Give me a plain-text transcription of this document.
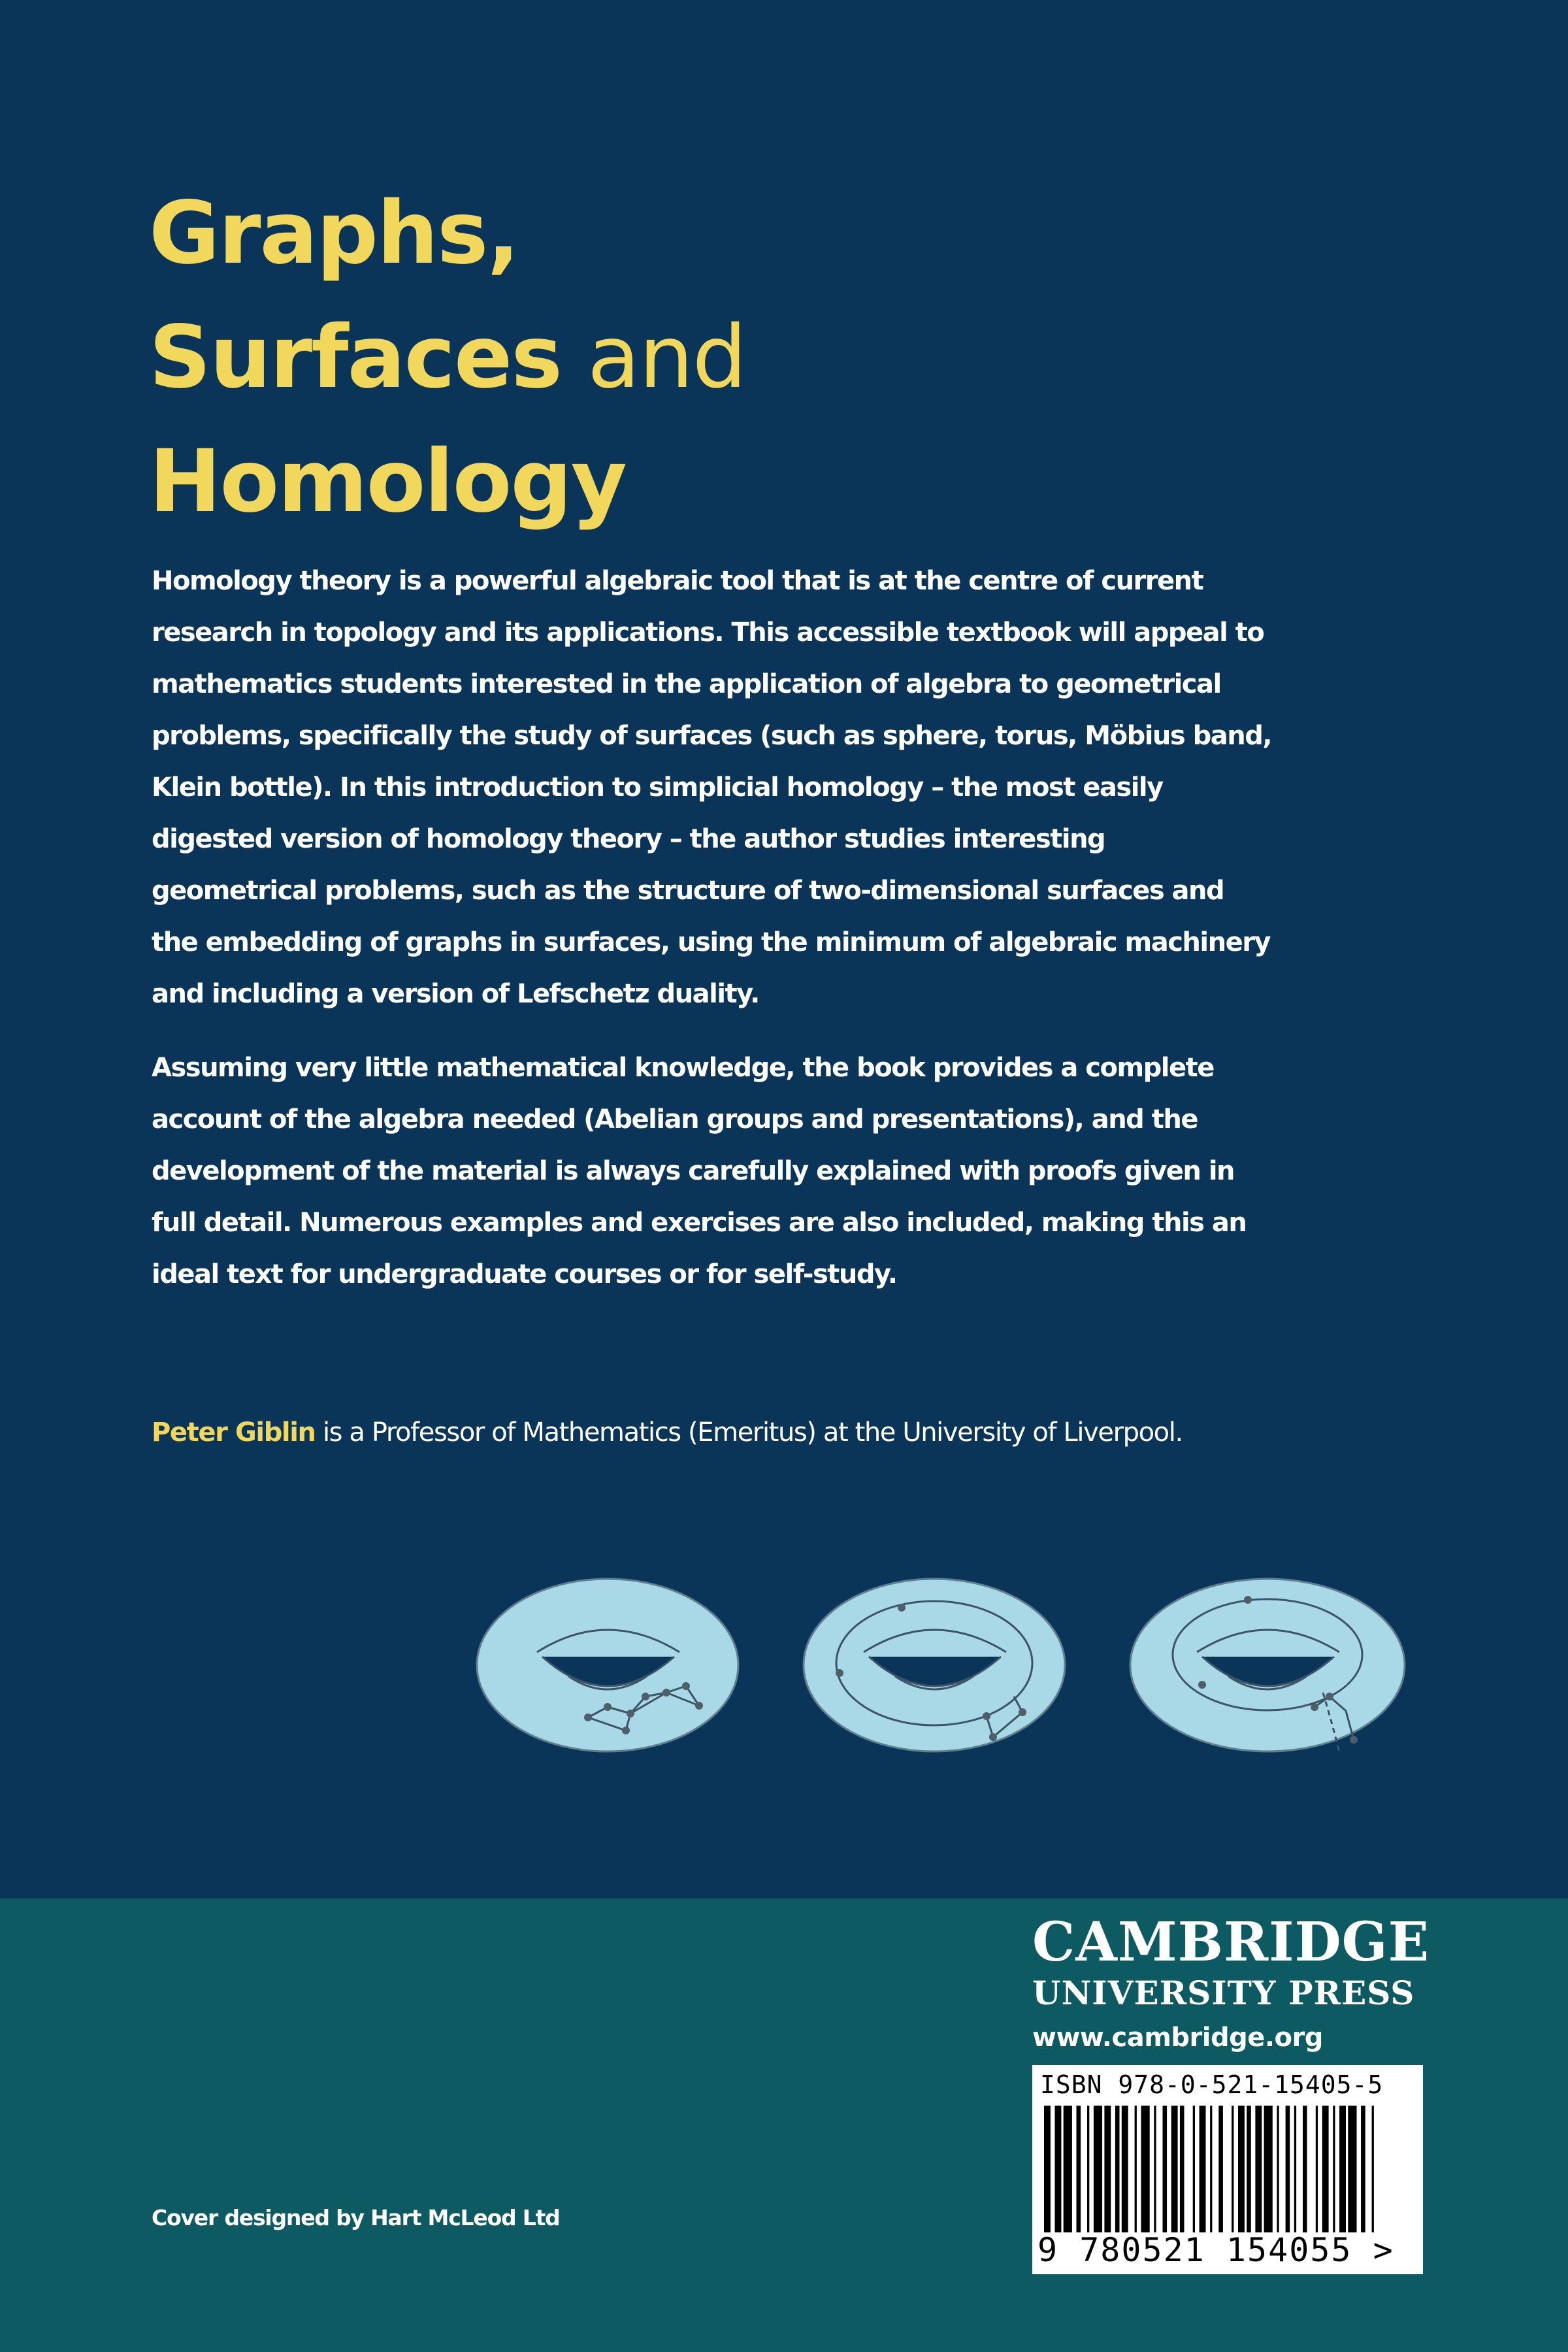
Graphs,
Surfaces and
Homology

Homology theory is a powerful algebraic tool that is at the centre of current research in topology and its applications. This accessible textbook will appeal to mathematics students interested in the application of algebra to geometrical problems, specifically the study of surfaces (such as sphere, torus, Möbius band, Klein bottle). In this introduction to simplicial homology – the most easily digested version of homology theory – the author studies interesting geometrical problems, such as the structure of two-dimensional surfaces and the embedding of graphs in surfaces, using the minimum of algebraic machinery and including a version of Lefschetz duality.

Assuming very little mathematical knowledge, the book provides a complete account of the algebra needed (Abelian groups and presentations), and the development of the material is always carefully explained with proofs given in full detail. Numerous examples and exercises are also included, making this an ideal text for undergraduate courses or for self-study.

Peter Giblin is a Professor of Mathematics (Emeritus) at the University of Liverpool.
Cover designed by Hart McLeod Ltd
CAMBRIDGE
UNIVERSITY PRESS
www.cambridge.org
ISBN 978-0-521-15405-5
9 780521 154055 >
